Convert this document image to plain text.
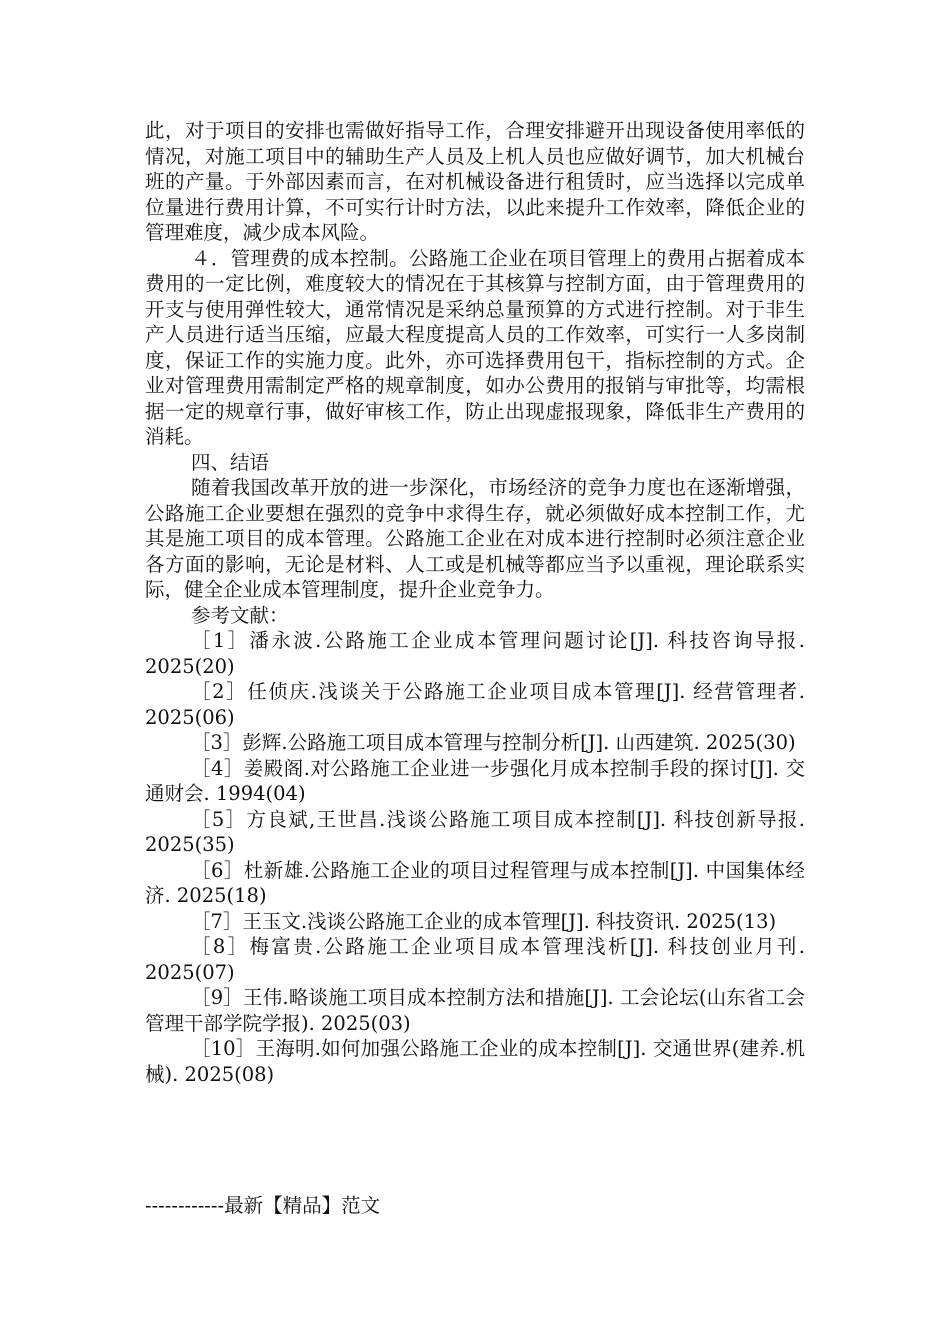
此，对于项目的安排也需做好指导工作，合理安排避开出现设备使用率低的情况，对施工项目中的辅助生产人员及上机人员也应做好调节，加大机械台班的产量。于外部因素而言，在对机械设备进行租赁时，应当选择以完成单位量进行费用计算，不可实行计时方法，以此来提升工作效率，降低企业的管理难度，减少成本风险。

４．管理费的成本控制。公路施工企业在项目管理上的费用占据着成本费用的一定比例，难度较大的情况在于其核算与控制方面，由于管理费用的开支与使用弹性较大，通常情况是采纳总量预算的方式进行控制。对于非生产人员进行适当压缩，应最大程度提高人员的工作效率，可实行一人多岗制度，保证工作的实施力度。此外，亦可选择费用包干，指标控制的方式。企业对管理费用需制定严格的规章制度，如办公费用的报销与审批等，均需根据一定的规章行事，做好审核工作，防止出现虚报现象，降低非生产费用的消耗。

四、结语

随着我国改革开放的进一步深化，市场经济的竞争力度也在逐渐增强，公路施工企业要想在强烈的竞争中求得生存，就必须做好成本控制工作，尤其是施工项目的成本管理。公路施工企业在对成本进行控制时必须注意企业各方面的影响，无论是材料、人工或是机械等都应当予以重视，理论联系实际，健全企业成本管理制度，提升企业竞争力。

参考文献：

［1］潘永波.公路施工企业成本管理问题讨论[J]. 科技咨询导报. 2025(20)

［2］任侦庆.浅谈关于公路施工企业项目成本管理[J]. 经营管理者. 2025(06)

［3］彭辉.公路施工项目成本管理与控制分析[J]. 山西建筑. 2025(30)

［4］姜殿阁.对公路施工企业进一步强化月成本控制手段的探讨[J]. 交通财会. 1994(04)

［5］方良斌,王世昌.浅谈公路施工项目成本控制[J]. 科技创新导报. 2025(35)

［6］杜新雄.公路施工企业的项目过程管理与成本控制[J]. 中国集体经济. 2025(18)

［7］王玉文.浅谈公路施工企业的成本管理[J]. 科技资讯. 2025(13)

［8］梅富贵.公路施工企业项目成本管理浅析[J]. 科技创业月刊. 2025(07)

［9］王伟.略谈施工项目成本控制方法和措施[J]. 工会论坛(山东省工会管理干部学院学报). 2025(03)

［10］王海明.如何加强公路施工企业的成本控制[J]. 交通世界(建养.机械). 2025(08)

------------最新【精品】范文
